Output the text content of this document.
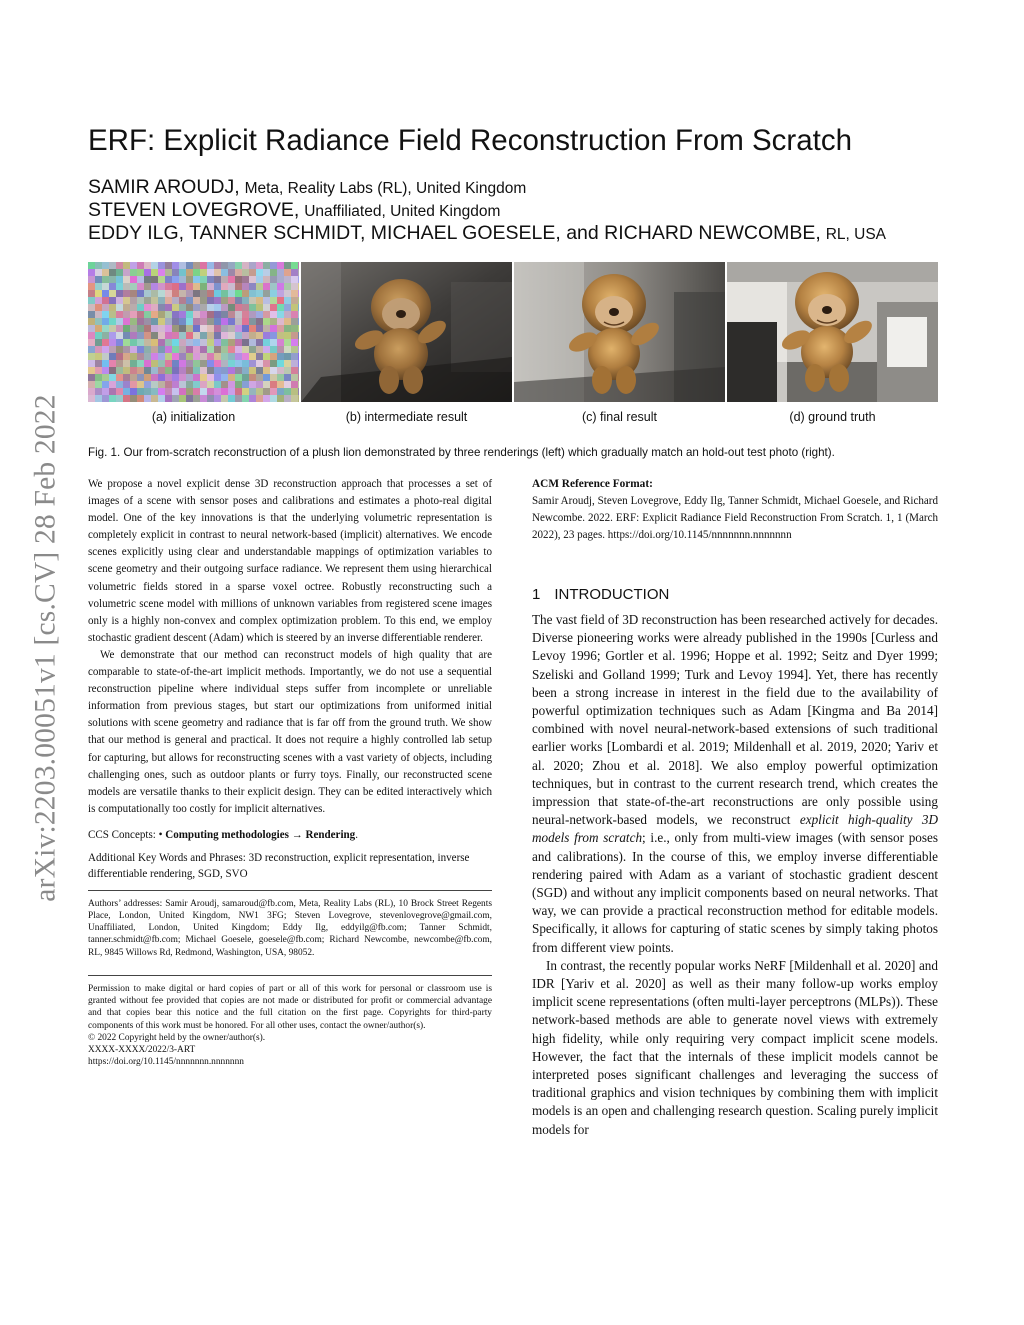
arXiv:2203.00051v1 [cs.CV] 28 Feb 2022
ERF: Explicit Radiance Field Reconstruction From Scratch
SAMIR AROUDJ, Meta, Reality Labs (RL), United Kingdom
STEVEN LOVEGROVE, Unaffiliated, United Kingdom
EDDY ILG, TANNER SCHMIDT, MICHAEL GOESELE, and RICHARD NEWCOMBE, RL, USA
(a) initialization	(b) intermediate result	(c) final result	(d) ground truth
Fig. 1. Our from-scratch reconstruction of a plush lion demonstrated by three renderings (left) which gradually match an hold-out test photo (right).

We propose a novel explicit dense 3D reconstruction approach that processes a set of images of a scene with sensor poses and calibrations and estimates a photo-real digital model. One of the key innovations is that the underlying volumetric representation is completely explicit in contrast to neural network-based (implicit) alternatives. We encode scenes explicitly using clear and understandable mappings of optimization variables to scene geometry and their outgoing surface radiance. We represent them using hierarchical volumetric fields stored in a sparse voxel octree. Robustly reconstructing such a volumetric scene model with millions of unknown variables from registered scene images only is a highly non-convex and complex optimization problem. To this end, we employ stochastic gradient descent (Adam) which is steered by an inverse differentiable renderer.

We demonstrate that our method can reconstruct models of high quality that are comparable to state-of-the-art implicit methods. Importantly, we do not use a sequential reconstruction pipeline where individual steps suffer from incomplete or unreliable information from previous stages, but start our optimizations from uniformed initial solutions with scene geometry and radiance that is far off from the ground truth. We show that our method is general and practical. It does not require a highly controlled lab setup for capturing, but allows for reconstructing scenes with a vast variety of objects, including challenging ones, such as outdoor plants or furry toys. Finally, our reconstructed scene models are versatile thanks to their explicit design. They can be edited interactively which is computationally too costly for implicit alternatives.

CCS Concepts: • Computing methodologies → Rendering.

Additional Key Words and Phrases: 3D reconstruction, explicit representation, inverse differentiable rendering, SGD, SVO

Authors’ addresses: Samir Aroudj, samaroud@fb.com, Meta, Reality Labs (RL), 10 Brock Street Regents Place, London, United Kingdom, NW1 3FG; Steven Lovegrove, stevenlovegrove@gmail.com, Unaffiliated, London, United Kingdom; Eddy Ilg, eddyilg@fb.com; Tanner Schmidt, tanner.schmidt@fb.com; Michael Goesele, goesele@fb.com; Richard Newcombe, newcombe@fb.com, RL, 9845 Willows Rd, Redmond, Washington, USA, 98052.

Permission to make digital or hard copies of part or all of this work for personal or classroom use is granted without fee provided that copies are not made or distributed for profit or commercial advantage and that copies bear this notice and the full citation on the first page. Copyrights for third-party components of this work must be honored. For all other uses, contact the owner/author(s).

© 2022 Copyright held by the owner/author(s).

XXXX-XXXX/2022/3-ART

https://doi.org/10.1145/nnnnnnn.nnnnnnn

ACM Reference Format:

Samir Aroudj, Steven Lovegrove, Eddy Ilg, Tanner Schmidt, Michael Goesele, and Richard Newcombe. 2022. ERF: Explicit Radiance Field Reconstruction From Scratch. 1, 1 (March 2022), 23 pages. https://doi.org/10.1145/nnnnnnn.nnnnnnn

1 INTRODUCTION

The vast field of 3D reconstruction has been researched actively for decades. Diverse pioneering works were already published in the 1990s [Curless and Levoy 1996; Gortler et al. 1996; Hoppe et al. 1992; Seitz and Dyer 1999; Szeliski and Golland 1999; Turk and Levoy 1994]. Yet, there has recently been a strong increase in interest in the field due to the availability of powerful optimization techniques such as Adam [Kingma and Ba 2014] combined with novel neural-network-based extensions of such traditional earlier works [Lombardi et al. 2019; Mildenhall et al. 2019, 2020; Yariv et al. 2020; Zhou et al. 2018]. We also employ powerful optimization techniques, but in contrast to the current research trend, which creates the impression that state-of-the-art reconstructions are only possible using neural-network-based models, we reconstruct explicit high-quality 3D models from scratch; i.e., only from multi-view images (with sensor poses and calibrations). In the course of this, we employ inverse differentiable rendering paired with Adam as a variant of stochastic gradient descent (SGD) and without any implicit components based on neural networks. That way, we can provide a practical reconstruction method for editable models. Specifically, it allows for capturing of static scenes by simply taking photos from different view points.

In contrast, the recently popular works NeRF [Mildenhall et al. 2020] and IDR [Yariv et al. 2020] as well as their many follow-up works employ implicit scene representations (often multi-layer perceptrons (MLPs)). These network-based methods are able to generate novel views with extremely high fidelity, while only requiring very compact implicit scene models. However, the fact that the internals of these implicit models cannot be interpreted poses significant challenges and leveraging the success of traditional graphics and vision techniques by combining them with implicit models is an open and challenging research question. Scaling purely implicit models for
